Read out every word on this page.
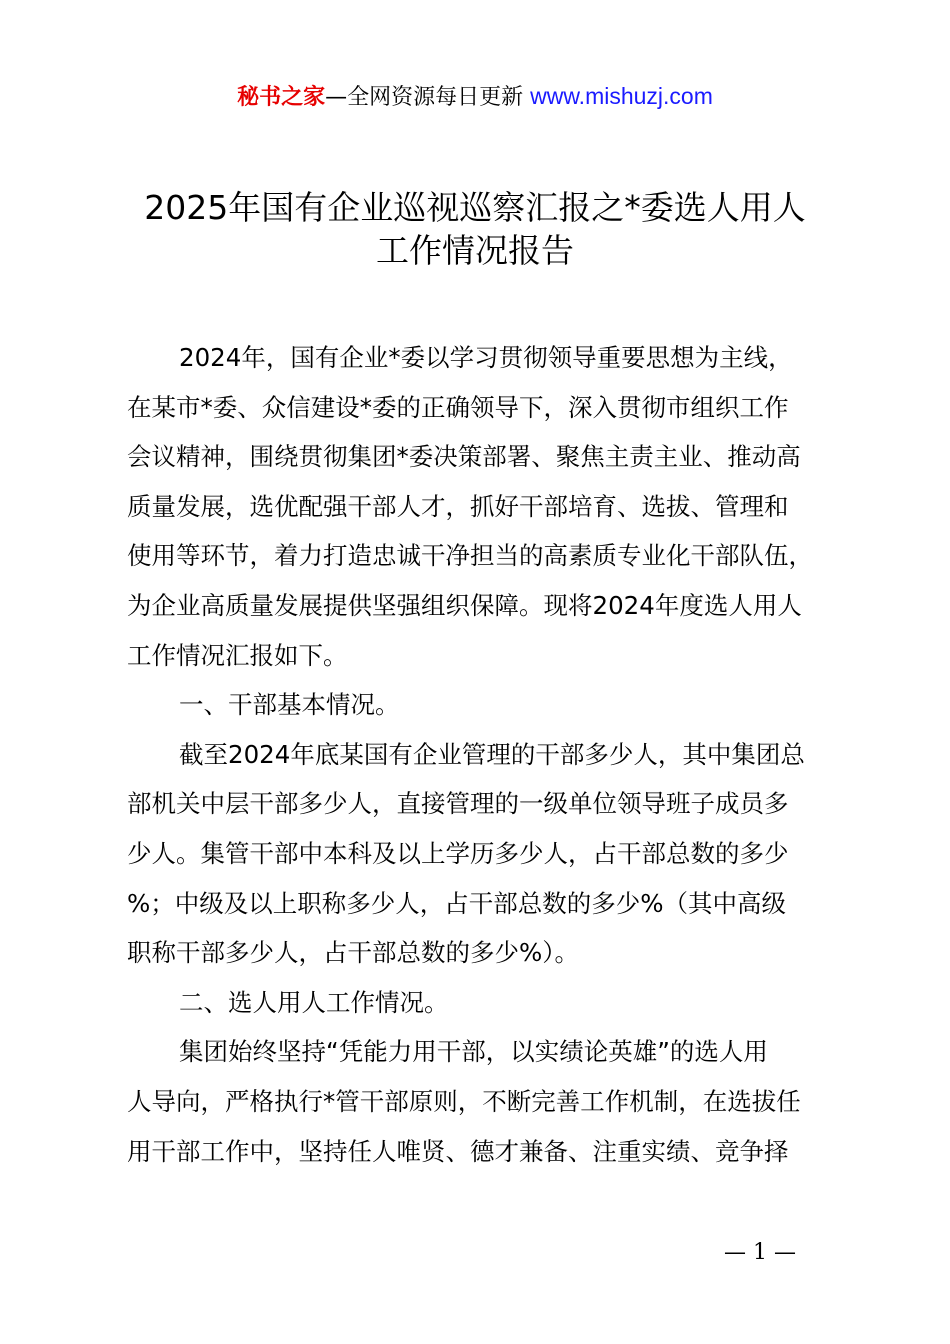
秘书之家—全网资源每日更新 www.mishuzj.com
2025年国有企业巡视巡察汇报之*委选人用人
工作情况报告
2024年，国有企业*委以学习贯彻领导重要思想为主线，
在某市*委、众信建设*委的正确领导下，深入贯彻市组织工作
会议精神，围绕贯彻集团*委决策部署、聚焦主责主业、推动高
质量发展，选优配强干部人才，抓好干部培育、选拔、管理和
使用等环节，着力打造忠诚干净担当的高素质专业化干部队伍，
为企业高质量发展提供坚强组织保障。现将2024年度选人用人
工作情况汇报如下。
一、干部基本情况。
截至2024年底某国有企业管理的干部多少人，其中集团总
部机关中层干部多少人，直接管理的一级单位领导班子成员多
少人。集管干部中本科及以上学历多少人，占干部总数的多少
%；中级及以上职称多少人，占干部总数的多少%（其中高级
职称干部多少人，占干部总数的多少%）。
二、选人用人工作情况。
集团始终坚持“凭能力用干部，以实绩论英雄”的选人用
人导向，严格执行*管干部原则，不断完善工作机制，在选拔任
用干部工作中，坚持任人唯贤、德才兼备、注重实绩、竞争择
— 1 —
